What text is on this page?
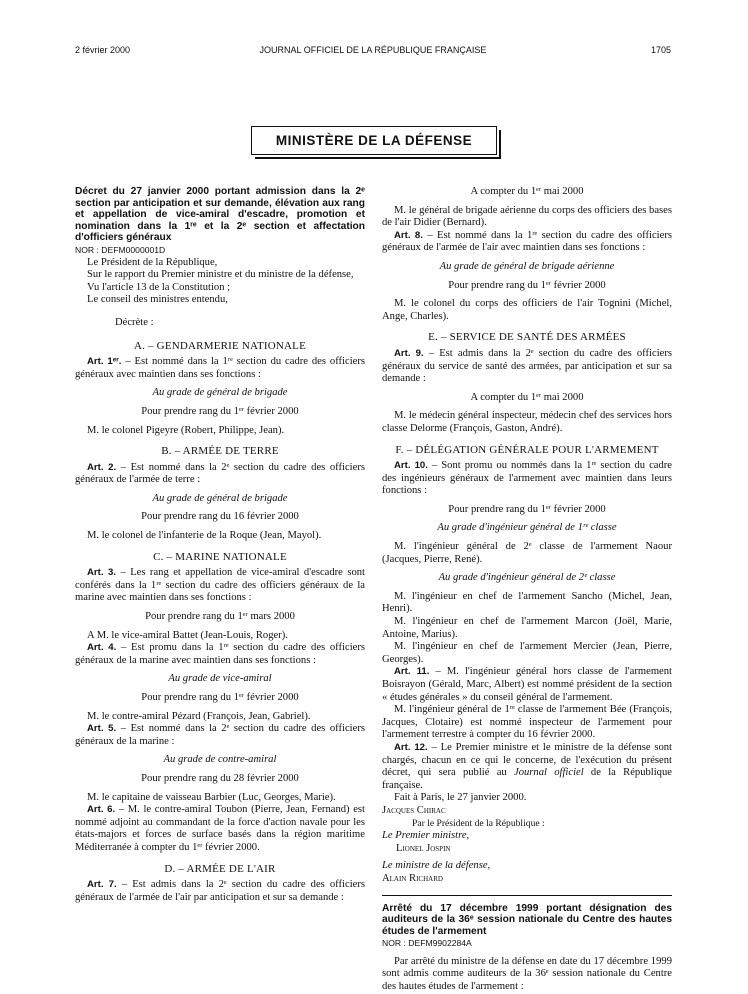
2 février 2000	JOURNAL OFFICIEL DE LA RÉPUBLIQUE FRANÇAISE	1705
MINISTÈRE DE LA DÉFENSE

Décret du 27 janvier 2000 portant admission dans la 2ᵉ section par anticipation et sur demande, élévation aux rang et appellation de vice-amiral d'escadre, promotion et nomination dans la 1ʳᵉ et la 2ᵉ section et affectation d'officiers généraux

NOR : DEFM0000001D

Le Président de la République,

Sur le rapport du Premier ministre et du ministre de la défense,

Vu l'article 13 de la Constitution ;

Le conseil des ministres entendu,

Décrète :

A. – GENDARMERIE NATIONALE

Art. 1ᵉʳ. – Est nommé dans la 1ʳᵉ section du cadre des officiers généraux avec maintien dans ses fonctions :

Au grade de général de brigade
Pour prendre rang du 1ᵉʳ février 2000

M. le colonel Pigeyre (Robert, Philippe, Jean).

B. – ARMÉE DE TERRE

Art. 2. – Est nommé dans la 2ᵉ section du cadre des officiers généraux de l'armée de terre :

Au grade de général de brigade
Pour prendre rang du 16 février 2000

M. le colonel de l'infanterie de la Roque (Jean, Mayol).

C. – MARINE NATIONALE

Art. 3. – Les rang et appellation de vice-amiral d'escadre sont conférés dans la 1ʳᵉ section du cadre des officiers généraux de la marine avec maintien dans ses fonctions :

Pour prendre rang du 1ᵉʳ mars 2000

A M. le vice-amiral Battet (Jean-Louis, Roger).

Art. 4. – Est promu dans la 1ʳᵉ section du cadre des officiers généraux de la marine avec maintien dans ses fonctions :

Au grade de vice-amiral
Pour prendre rang du 1ᵉʳ février 2000

M. le contre-amiral Pézard (François, Jean, Gabriel).

Art. 5. – Est nommé dans la 2ᵉ section du cadre des officiers généraux de la marine :

Au grade de contre-amiral
Pour prendre rang du 28 février 2000

M. le capitaine de vaisseau Barbier (Luc, Georges, Marie).

Art. 6. – M. le contre-amiral Toubon (Pierre, Jean, Fernand) est nommé adjoint au commandant de la force d'action navale pour les états-majors et forces de surface basés dans la région maritime Méditerranée à compter du 1ᵉʳ février 2000.

D. – ARMÉE DE L'AIR

Art. 7. – Est admis dans la 2ᵉ section du cadre des officiers généraux de l'armée de l'air par anticipation et sur sa demande :

A compter du 1ᵉʳ mai 2000

M. le général de brigade aérienne du corps des officiers des bases de l'air Didier (Bernard).

Art. 8. – Est nommé dans la 1ʳᵉ section du cadre des officiers généraux de l'armée de l'air avec maintien dans ses fonctions :

Au grade de général de brigade aérienne
Pour prendre rang du 1ᵉʳ février 2000

M. le colonel du corps des officiers de l'air Tognini (Michel, Ange, Charles).

E. – SERVICE DE SANTÉ DES ARMÉES

Art. 9. – Est admis dans la 2ᵉ section du cadre des officiers généraux du service de santé des armées, par anticipation et sur sa demande :

A compter du 1ᵉʳ mai 2000

M. le médecin général inspecteur, médecin chef des services hors classe Delorme (François, Gaston, André).

F. – DÉLÉGATION GÉNÉRALE POUR L'ARMEMENT

Art. 10. – Sont promu ou nommés dans la 1ʳᵉ section du cadre des ingénieurs généraux de l'armement avec maintien dans leurs fonctions :

Pour prendre rang du 1ᵉʳ février 2000
Au grade d'ingénieur général de 1ʳᵉ classe

M. l'ingénieur général de 2ᵉ classe de l'armement Naour (Jacques, Pierre, René).

Au grade d'ingénieur général de 2ᵉ classe

M. l'ingénieur en chef de l'armement Sancho (Michel, Jean, Henri).

M. l'ingénieur en chef de l'armement Marcon (Joël, Marie, Antoine, Marius).

M. l'ingénieur en chef de l'armement Mercier (Jean, Pierre, Georges).

Art. 11. – M. l'ingénieur général hors classe de l'armement Boisrayon (Gérald, Marc, Albert) est nommé président de la section « études générales » du conseil général de l'armement.

M. l'ingénieur général de 1ʳᵉ classe de l'armement Bée (François, Jacques, Clotaire) est nommé inspecteur de l'armement pour l'armement terrestre à compter du 16 février 2000.

Art. 12. – Le Premier ministre et le ministre de la défense sont chargés, chacun en ce qui le concerne, de l'exécution du présent décret, qui sera publié au Journal officiel de la République française.

Fait à Paris, le 27 janvier 2000.

Jacques Chirac

Par le Président de la République :

Le Premier ministre,

Lionel Jospin

Le ministre de la défense,

Alain Richard

Arrêté du 17 décembre 1999 portant désignation des auditeurs de la 36ᵉ session nationale du Centre des hautes études de l'armement

NOR : DEFM9902284A

Par arrêté du ministre de la défense en date du 17 décembre 1999 sont admis comme auditeurs de la 36ᵉ session nationale du Centre des hautes études de l'armement :
